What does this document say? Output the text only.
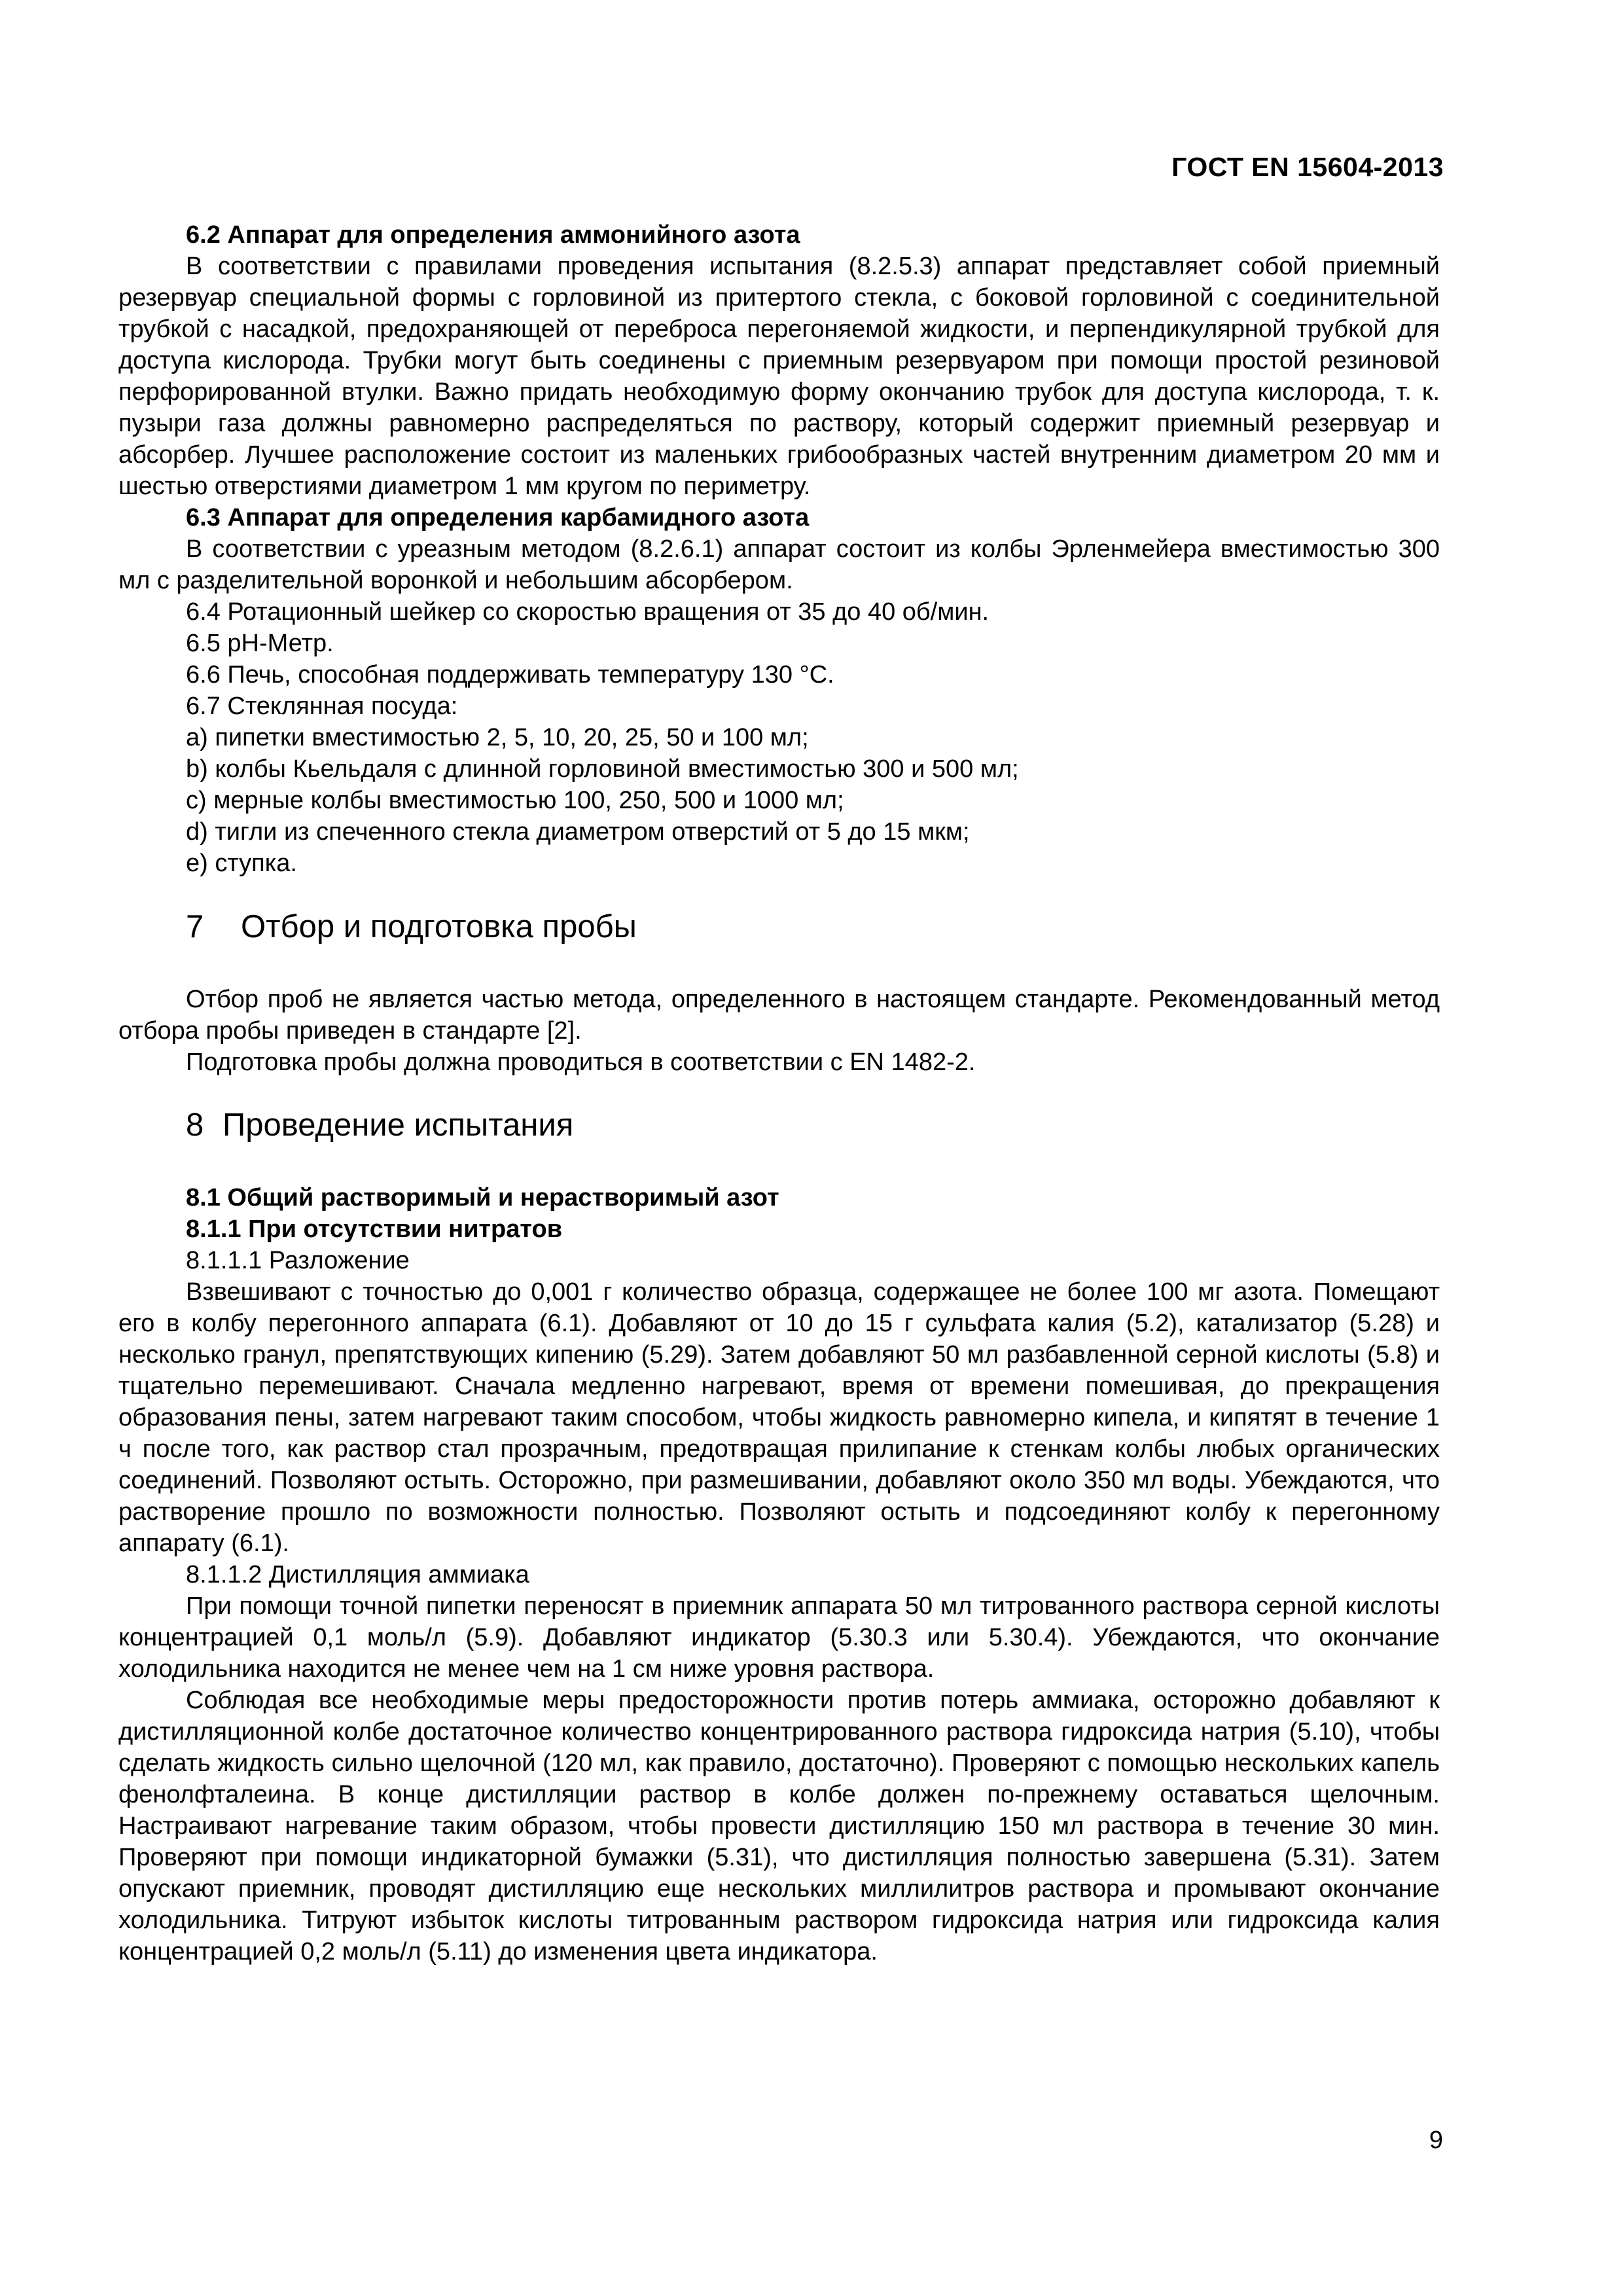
ГОСТ EN 15604-2013

6.2 Аппарат для определения аммонийного азота

В соответствии с правилами проведения испытания (8.2.5.3) аппарат представляет собой приемный резервуар специальной формы с горловиной из притертого стекла, с боковой горловиной с соединительной трубкой с насадкой, предохраняющей от переброса перегоняемой жидкости, и перпендикулярной трубкой для доступа кислорода. Трубки могут быть соединены с приемным резервуаром при помощи простой резиновой перфорированной втулки. Важно придать необходимую форму окончанию трубок для доступа кислорода, т. к. пузыри газа должны равномерно распределяться по раствору, который содержит приемный резервуар и абсорбер. Лучшее расположение состоит из маленьких грибообразных частей внутренним диаметром 20 мм и шестью отверстиями диаметром 1 мм кругом по периметру.

6.3 Аппарат для определения карбамидного азота

В соответствии с уреазным методом (8.2.6.1) аппарат состоит из колбы Эрленмейера вместимостью 300 мл с разделительной воронкой и небольшим абсорбером.

6.4 Ротационный шейкер со скоростью вращения от 35 до 40 об/мин.

6.5 pH-Метр.

6.6 Печь, способная поддерживать температуру 130 °С.

6.7 Стеклянная посуда:

a) пипетки вместимостью 2, 5, 10, 20, 25, 50 и 100 мл;

b) колбы Кьельдаля с длинной горловиной вместимостью 300 и 500 мл;

c) мерные колбы вместимостью 100, 250, 500 и 1000 мл;

d) тигли из спеченного стекла диаметром отверстий от 5 до 15 мкм;

e) ступка.

7 Отбор и подготовка пробы

Отбор проб не является частью метода, определенного в настоящем стандарте. Рекомендованный метод отбора пробы приведен в стандарте [2].

Подготовка пробы должна проводиться в соответствии с EN 1482-2.

8 Проведение испытания

8.1 Общий растворимый и нерастворимый азот

8.1.1 При отсутствии нитратов

8.1.1.1 Разложение

Взвешивают с точностью до 0,001 г количество образца, содержащее не более 100 мг азота. Помещают его в колбу перегонного аппарата (6.1). Добавляют от 10 до 15 г сульфата калия (5.2), катализатор (5.28) и несколько гранул, препятствующих кипению (5.29). Затем добавляют 50 мл разбавленной серной кислоты (5.8) и тщательно перемешивают. Сначала медленно нагревают, время от времени помешивая, до прекращения образования пены, затем нагревают таким способом, чтобы жидкость равномерно кипела, и кипятят в течение 1 ч после того, как раствор стал прозрачным, предотвращая прилипание к стенкам колбы любых органических соединений. Позволяют остыть. Осторожно, при размешивании, добавляют около 350 мл воды. Убеждаются, что растворение прошло по возможности полностью. Позволяют остыть и подсоединяют колбу к перегонному аппарату (6.1).

8.1.1.2 Дистилляция аммиака

При помощи точной пипетки переносят в приемник аппарата 50 мл титрованного раствора серной кислоты концентрацией 0,1 моль/л (5.9). Добавляют индикатор (5.30.3 или 5.30.4). Убеждаются, что окончание холодильника находится не менее чем на 1 см ниже уровня раствора.

Соблюдая все необходимые меры предосторожности против потерь аммиака, осторожно добавляют к дистилляционной колбе достаточное количество концентрированного раствора гидроксида натрия (5.10), чтобы сделать жидкость сильно щелочной (120 мл, как правило, достаточно). Проверяют с помощью нескольких капель фенолфталеина. В конце дистилляции раствор в колбе должен по-прежнему оставаться щелочным. Настраивают нагревание таким образом, чтобы провести дистилляцию 150 мл раствора в течение 30 мин. Проверяют при помощи индикаторной бумажки (5.31), что дистилляция полностью завершена (5.31). Затем опускают приемник, проводят дистилляцию еще нескольких миллилитров раствора и промывают окончание холодильника. Титруют избыток кислоты титрованным раствором гидроксида натрия или гидроксида калия концентрацией 0,2 моль/л (5.11) до изменения цвета индикатора.

9
